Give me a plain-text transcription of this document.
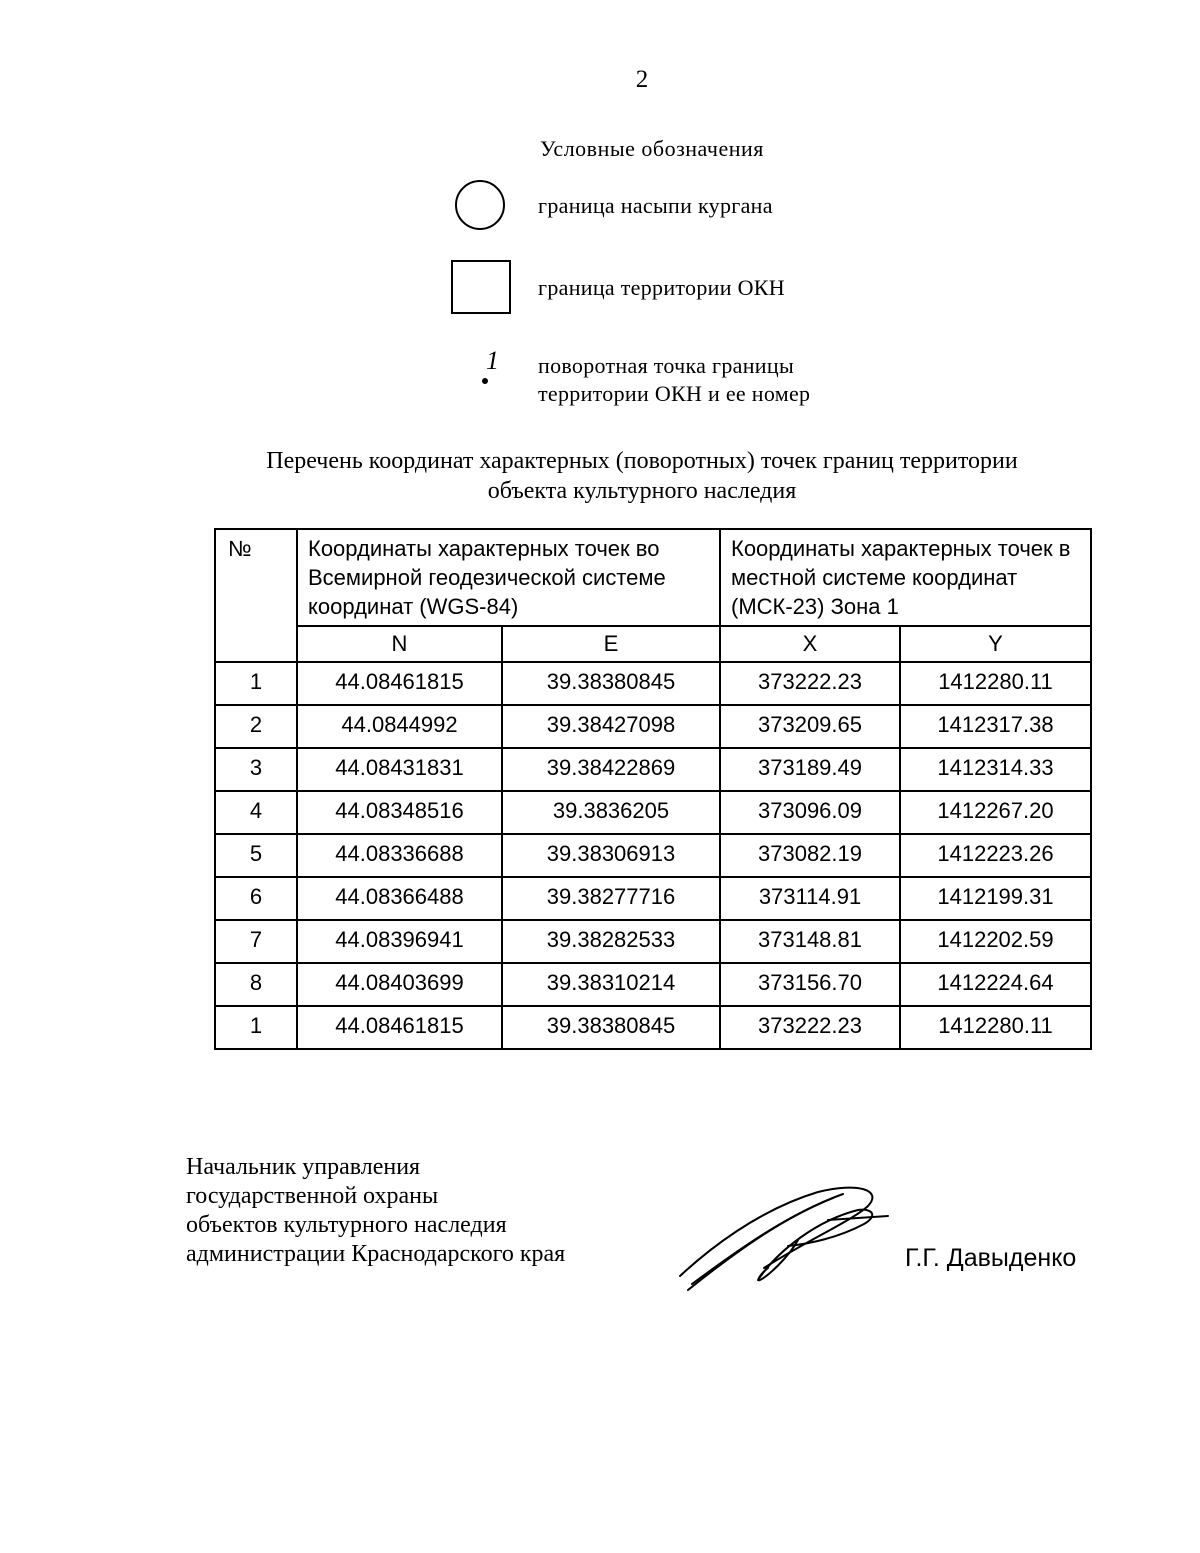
2
Условные обозначения
граница насыпи кургана
граница территории ОКН
1 поворотная точка границы
территории ОКН и ее номер
Перечень координат характерных (поворотных) точек границ территории
объекта культурного наследия
№	Координаты характерных точек во Всемирной геодезической системе координат (WGS-84)		Координаты характерных точек в местной системе координат (МСК-23) Зона 1	
	N	E	X	Y
1	44.08461815	39.38380845	373222.23	1412280.11
2	44.0844992	39.38427098	373209.65	1412317.38
3	44.08431831	39.38422869	373189.49	1412314.33
4	44.08348516	39.3836205	373096.09	1412267.20
5	44.08336688	39.38306913	373082.19	1412223.26
6	44.08366488	39.38277716	373114.91	1412199.31
7	44.08396941	39.38282533	373148.81	1412202.59
8	44.08403699	39.38310214	373156.70	1412224.64
1	44.08461815	39.38380845	373222.23	1412280.11
Начальник управления
государственной охраны
объектов культурного наследия
администрации Краснодарского края	Г.Г. Давыденко
